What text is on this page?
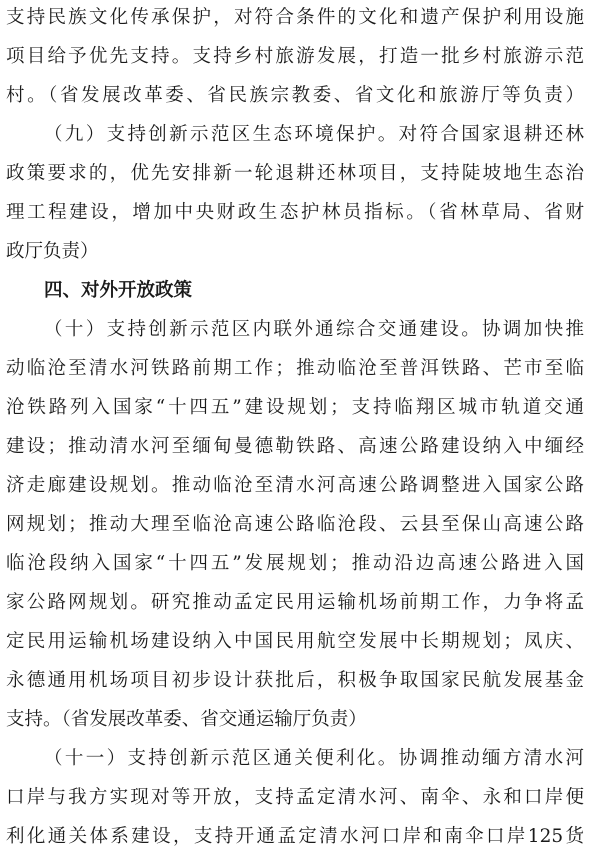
支持民族文化传承保护，对符合条件的文化和遗产保护利用设施
项目给予优先支持。支持乡村旅游发展，打造一批乡村旅游示范
村。（省发展改革委、省民族宗教委、省文化和旅游厅等负责）
（九）支持创新示范区生态环境保护。对符合国家退耕还林
政策要求的，优先安排新一轮退耕还林项目，支持陡坡地生态治
理工程建设，增加中央财政生态护林员指标。（省林草局、省财
政厅负责）
四、对外开放政策
（十）支持创新示范区内联外通综合交通建设。协调加快推
动临沧至清水河铁路前期工作；推动临沧至普洱铁路、芒市至临
沧铁路列入国家“十四五”建设规划；支持临翔区城市轨道交通
建设；推动清水河至缅甸曼德勒铁路、高速公路建设纳入中缅经
济走廊建设规划。推动临沧至清水河高速公路调整进入国家公路
网规划；推动大理至临沧高速公路临沧段、云县至保山高速公路
临沧段纳入国家“十四五”发展规划；推动沿边高速公路进入国
家公路网规划。研究推动孟定民用运输机场前期工作，力争将孟
定民用运输机场建设纳入中国民用航空发展中长期规划；凤庆、
永德通用机场项目初步设计获批后，积极争取国家民航发展基金
支持。（省发展改革委、省交通运输厅负责）
（十一）支持创新示范区通关便利化。协调推动缅方清水河
口岸与我方实现对等开放，支持孟定清水河、南伞、永和口岸便
利化通关体系建设，支持开通孟定清水河口岸和南伞口岸125货
